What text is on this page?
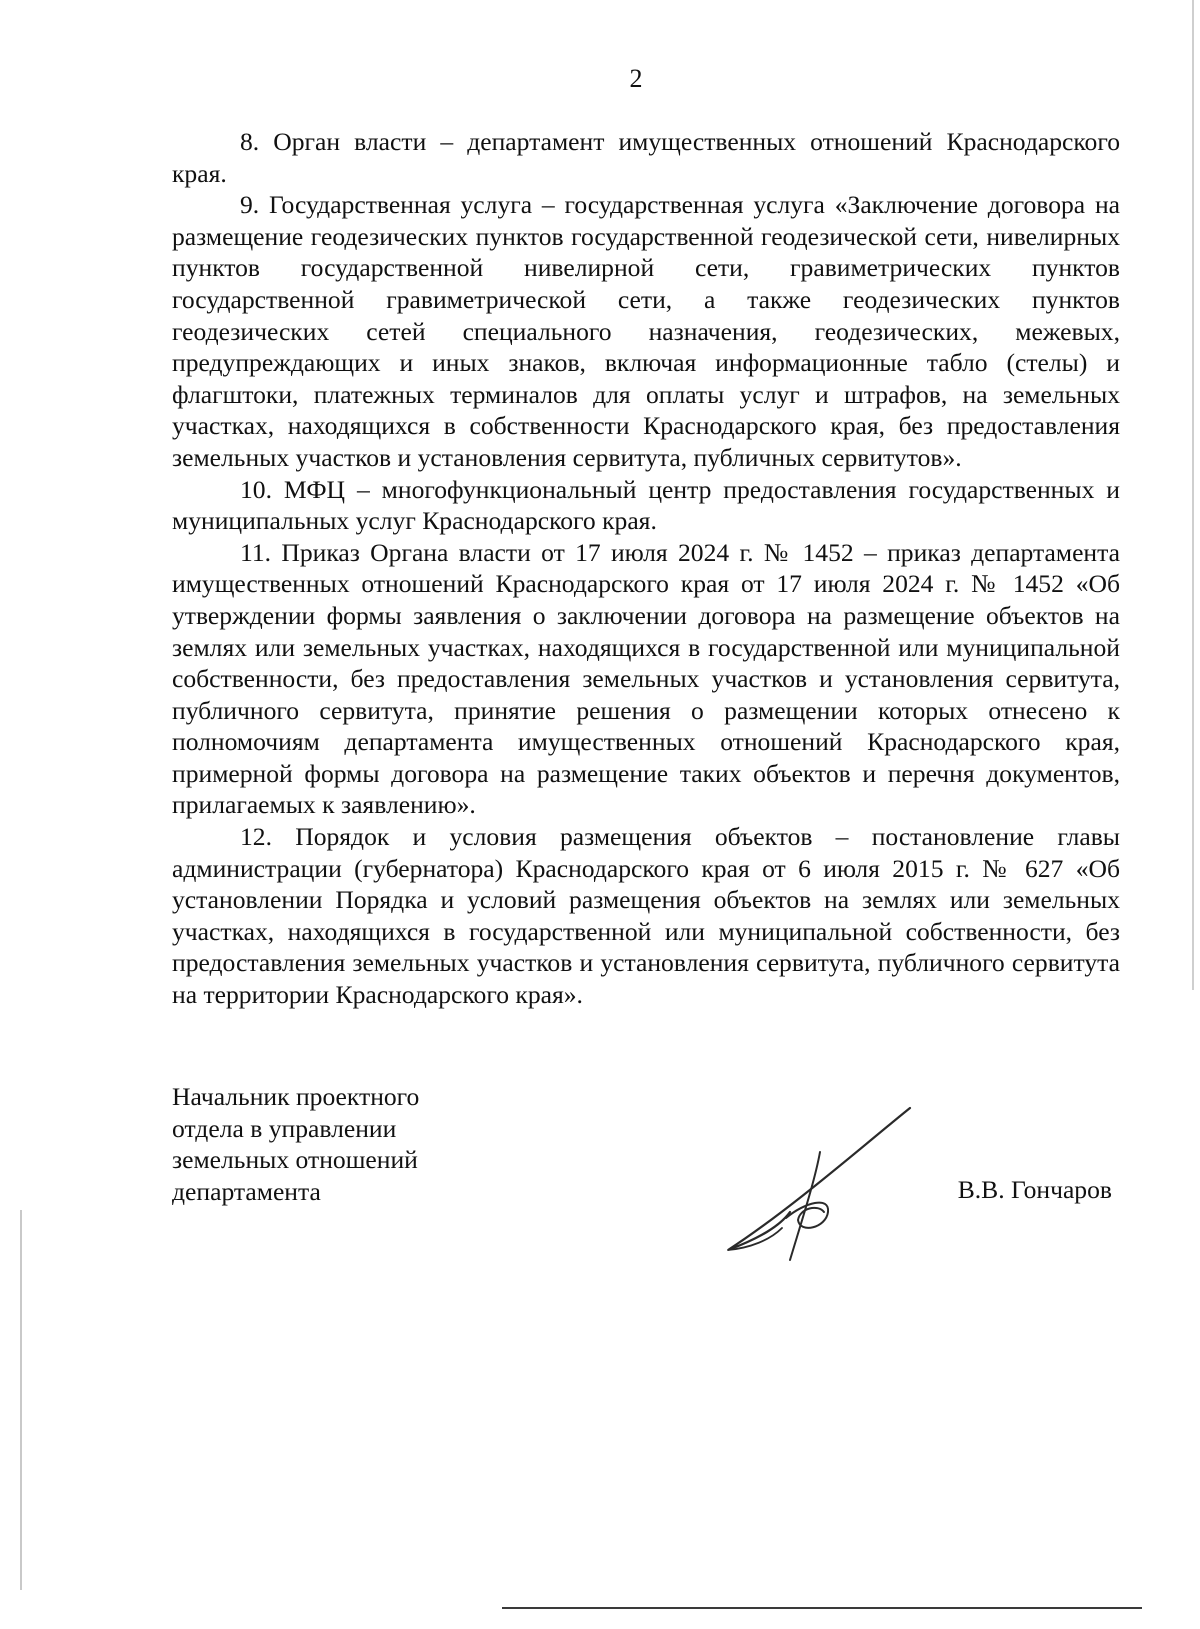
2

8. Орган власти – департамент имущественных отношений Краснодарского края.

9. Государственная услуга – государственная услуга «Заключение договора на размещение геодезических пунктов государственной геодезической сети, нивелирных пунктов государственной нивелирной сети, гравиметрических пунктов государственной гравиметрической сети, а также геодезических пунктов геодезических сетей специального назначения, геодезических, межевых, предупреждающих и иных знаков, включая информационные табло (стелы) и флагштоки, платежных терминалов для оплаты услуг и штрафов, на земельных участках, находящихся в собственности Краснодарского края, без предоставления земельных участков и установления сервитута, публичных сервитутов».

10. МФЦ – многофункциональный центр предоставления государственных и муниципальных услуг Краснодарского края.

11. Приказ Органа власти от 17 июля 2024 г. № 1452 – приказ департамента имущественных отношений Краснодарского края от 17 июля 2024 г. № 1452 «Об утверждении формы заявления о заключении договора на размещение объектов на землях или земельных участках, находящихся в государственной или муниципальной собственности, без предоставления земельных участков и установления сервитута, публичного сервитута, принятие решения о размещении которых отнесено к полномочиям департамента имущественных отношений Краснодарского края, примерной формы договора на размещение таких объектов и перечня документов, прилагаемых к заявлению».

12. Порядок и условия размещения объектов – постановление главы администрации (губернатора) Краснодарского края от 6 июля 2015 г. № 627 «Об установлении Порядка и условий размещения объектов на землях или земельных участках, находящихся в государственной или муниципальной собственности, без предоставления земельных участков и установления сервитута, публичного сервитута на территории Краснодарского края».

Начальник проектного
отдела в управлении
земельных отношений
департамента	В.В. Гончаров
